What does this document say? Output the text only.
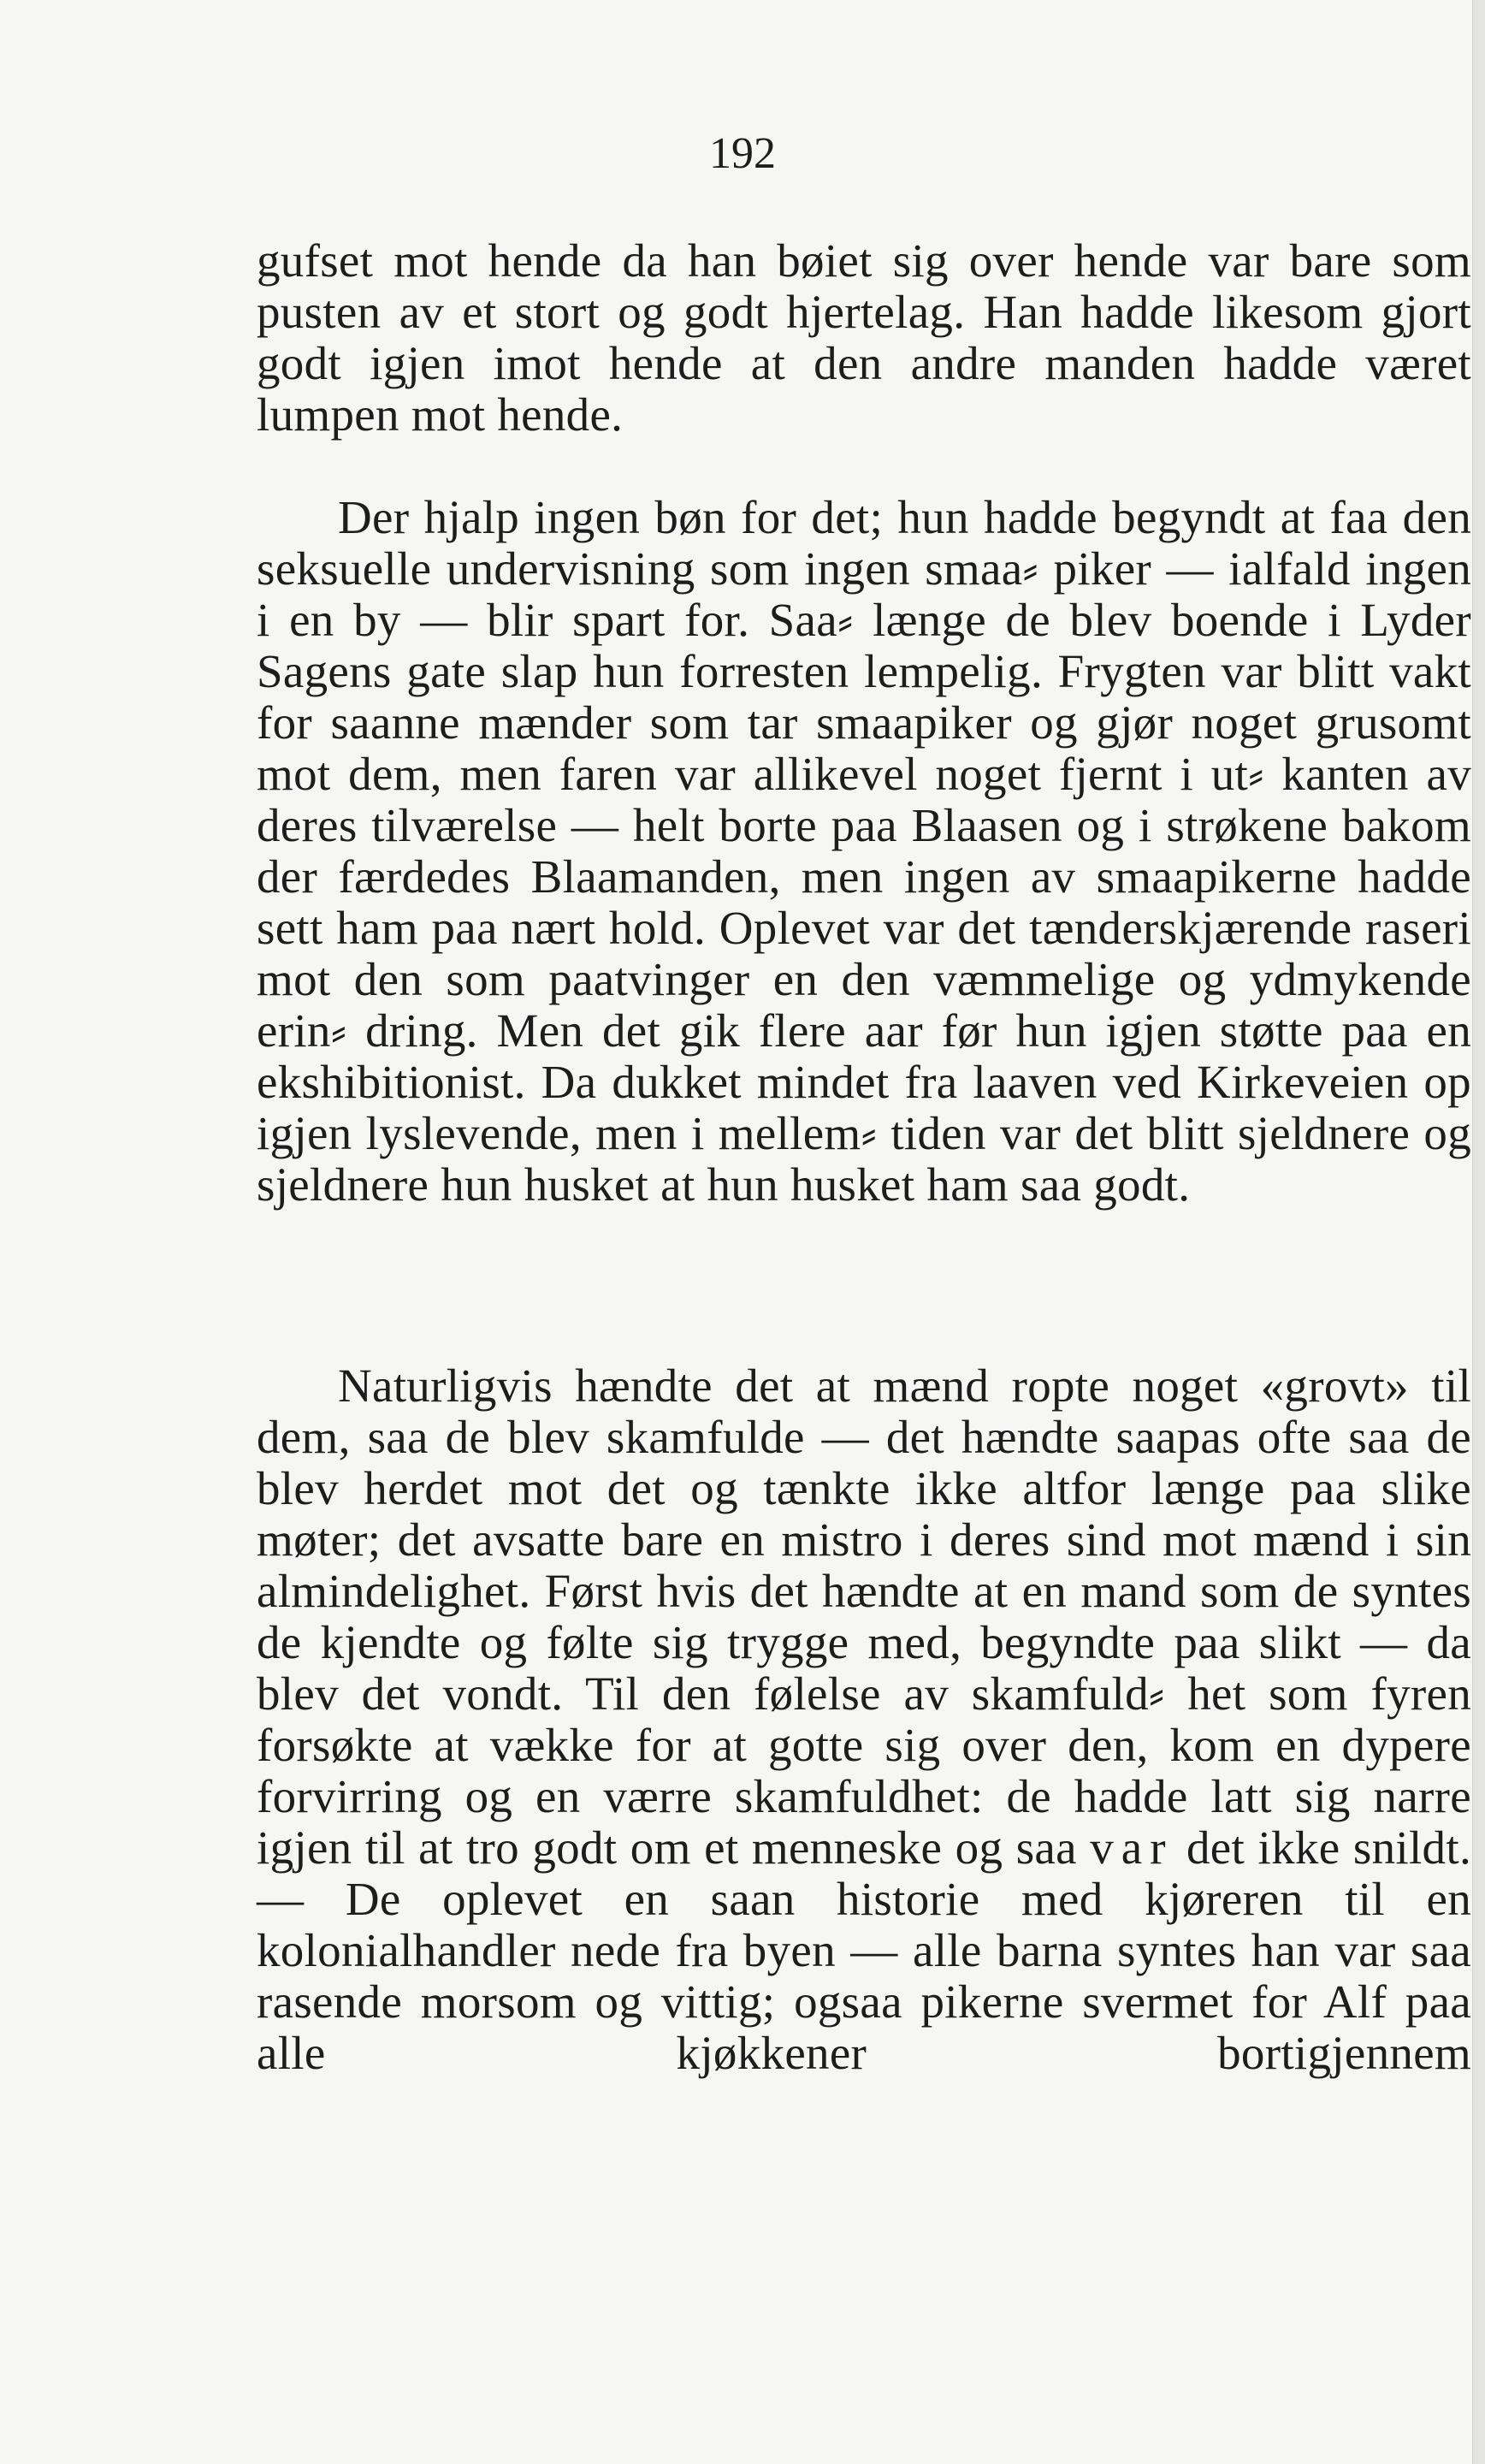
192

gufset mot hende da han bøiet sig over hende var bare som pusten av et stort og godt hjertelag. Han hadde likesom gjort godt igjen imot hende at den andre manden hadde været lumpen mot hende.

Der hjalp ingen bøn for det; hun hadde begyndt at faa den seksuelle undervisning som ingen smaa⸗ piker — ialfald ingen i en by — blir spart for. Saa⸗ længe de blev boende i Lyder Sagens gate slap hun forresten lempelig. Frygten var blitt vakt for saanne mænder som tar smaapiker og gjør noget grusomt mot dem, men faren var allikevel noget fjernt i ut⸗ kanten av deres tilværelse — helt borte paa Blaasen og i strøkene bakom der færdedes Blaamanden, men ingen av smaapikerne hadde sett ham paa nært hold. Oplevet var det tænderskjærende raseri mot den som paatvinger en den væmmelige og ydmykende erin⸗ dring. Men det gik flere aar før hun igjen støtte paa en ekshibitionist. Da dukket mindet fra laaven ved Kirkeveien op igjen lyslevende, men i mellem⸗ tiden var det blitt sjeldnere og sjeldnere hun husket at hun husket ham saa godt.

Naturligvis hændte det at mænd ropte noget «grovt» til dem, saa de blev skamfulde — det hændte saapas ofte saa de blev herdet mot det og tænkte ikke altfor længe paa slike møter; det avsatte bare en mistro i deres sind mot mænd i sin almindelighet. Først hvis det hændte at en mand som de syntes de kjendte og følte sig trygge med, begyndte paa slikt — da blev det vondt. Til den følelse av skamfuld⸗ het som fyren forsøkte at vække for at gotte sig over den, kom en dypere forvirring og en værre skamfuldhet: de hadde latt sig narre igjen til at tro godt om et menneske og saa var det ikke snildt. — De oplevet en saan historie med kjøreren til en kolonialhandler nede fra byen — alle barna syntes han var saa rasende morsom og vittig; ogsaa pikerne svermet for Alf paa alle kjøkkener bortigjennem
